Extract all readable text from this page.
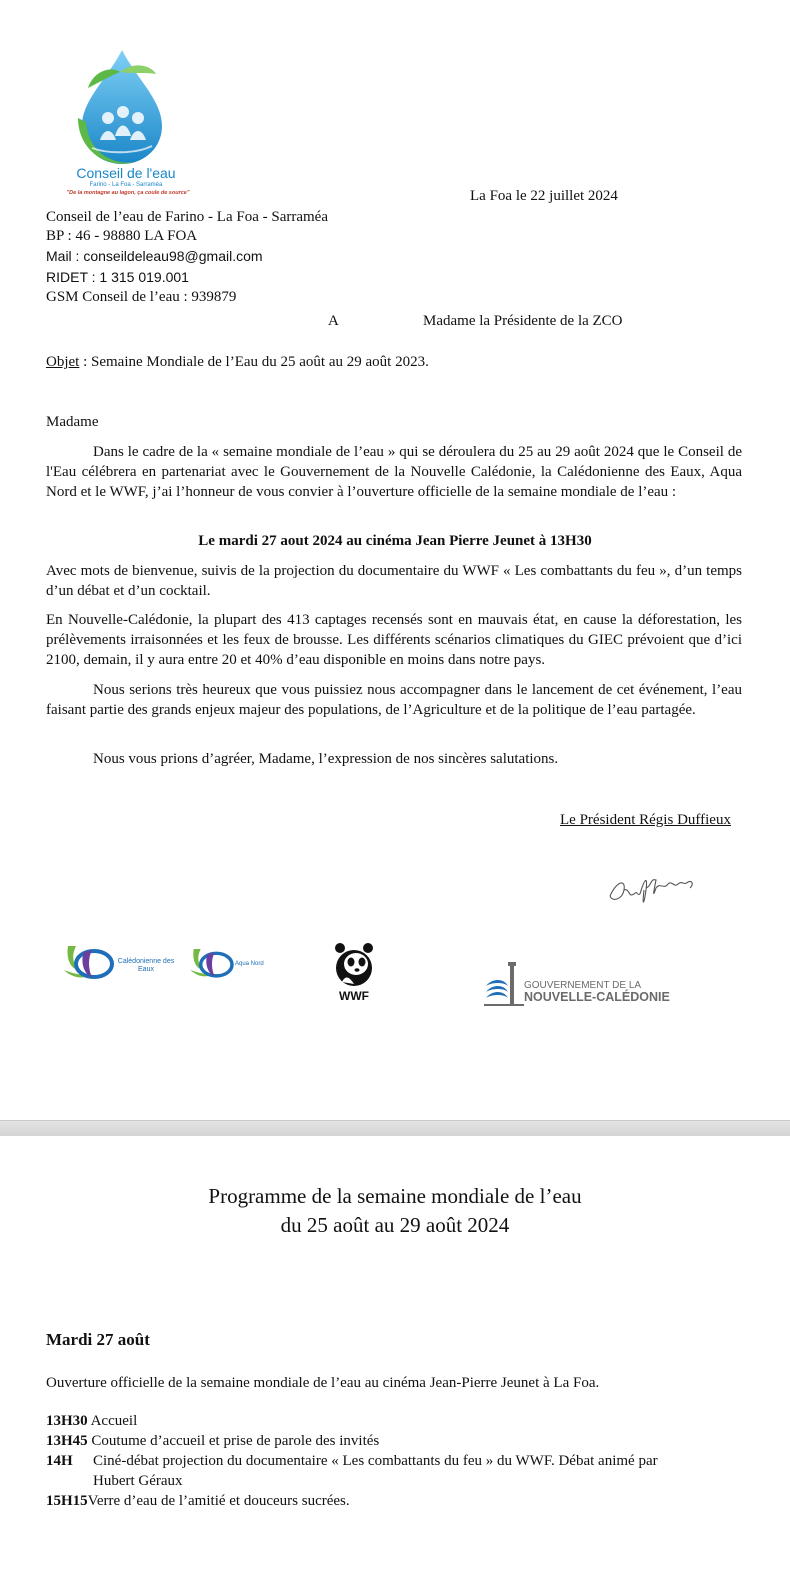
Conseil de l'eau
Farino - La Foa - Sarraméa
"De la montagne au lagon, ça coule de source"	La Foa le 22 juillet 2024
Conseil de l’eau de Farino - La Foa - Sarraméa
BP : 46 - 98880 LA FOA
Mail : conseildeleau98@gmail.com
RIDET : 1 315 019.001
GSM Conseil de l’eau : 939879
A	Madame la Présidente de la ZCO
Objet : Semaine Mondiale de l’Eau du 25 août au 29 août 2023.
Madame
Dans le cadre de la « semaine mondiale de l’eau » qui se déroulera du 25 au 29 août 2024 que le Conseil de l'Eau célébrera en partenariat avec le Gouvernement de la Nouvelle Calédonie, la Calédonienne des Eaux, Aqua Nord et le WWF, j’ai l’honneur de vous convier à l’ouverture officielle de la semaine mondiale de l’eau :
Le mardi 27 aout 2024 au cinéma Jean Pierre Jeunet à 13H30
Avec mots de bienvenue, suivis de la projection du documentaire du WWF « Les combattants du feu », d’un temps d’un débat et d’un cocktail.
En Nouvelle-Calédonie, la plupart des 413 captages recensés sont en mauvais état, en cause la déforestation, les prélèvements irraisonnées et les feux de brousse. Les différents scénarios climatiques du GIEC prévoient que d’ici 2100, demain, il y aura entre 20 et 40% d’eau disponible en moins dans notre pays.
Nous serions très heureux que vous puissiez nous accompagner dans le lancement de cet événement, l’eau faisant partie des grands enjeux majeur des populations, de l’Agriculture et de la politique de l’eau partagée.
Nous vous prions d’agréer, Madame, l’expression de nos sincères salutations.
Le Président Régis Duffieux
Calédonienne des Eaux
Aqua Nord
WWF
GOUVERNEMENT DE LA
NOUVELLE-CALÉDONIE
Programme de la semaine mondiale de l’eau
du 25 août au 29 août 2024
Mardi 27 août
Ouverture officielle de la semaine mondiale de l’eau au cinéma Jean-Pierre Jeunet à La Foa.
13H30 Accueil
13H45 Coutume d’accueil et prise de parole des invités
14H Ciné-débat projection du documentaire « Les combattants du feu » du WWF. Débat animé par
Hubert Géraux
15H15Verre d’eau de l’amitié et douceurs sucrées.
